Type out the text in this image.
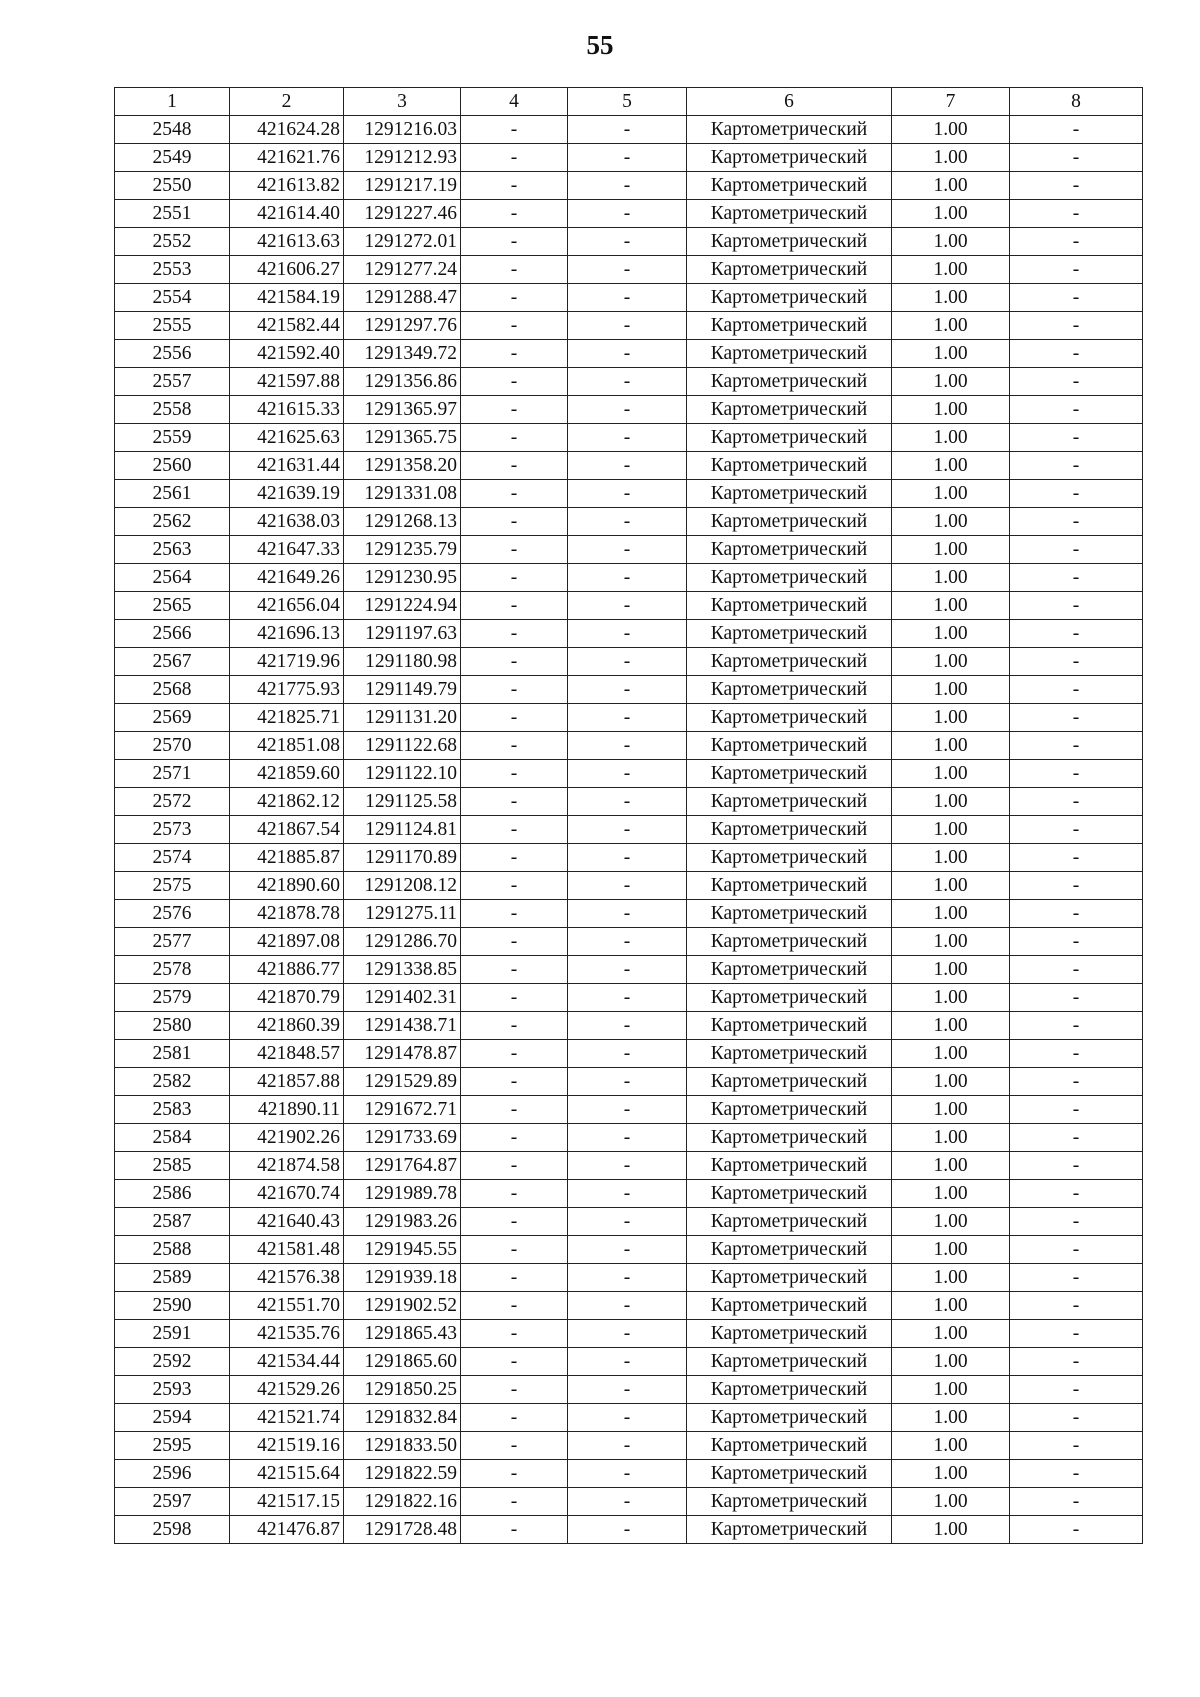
55
1	2	3	4	5	6	7	8
2548	421624.28	1291216.03	-	-	Картометрический	1.00	-
2549	421621.76	1291212.93	-	-	Картометрический	1.00	-
2550	421613.82	1291217.19	-	-	Картометрический	1.00	-
2551	421614.40	1291227.46	-	-	Картометрический	1.00	-
2552	421613.63	1291272.01	-	-	Картометрический	1.00	-
2553	421606.27	1291277.24	-	-	Картометрический	1.00	-
2554	421584.19	1291288.47	-	-	Картометрический	1.00	-
2555	421582.44	1291297.76	-	-	Картометрический	1.00	-
2556	421592.40	1291349.72	-	-	Картометрический	1.00	-
2557	421597.88	1291356.86	-	-	Картометрический	1.00	-
2558	421615.33	1291365.97	-	-	Картометрический	1.00	-
2559	421625.63	1291365.75	-	-	Картометрический	1.00	-
2560	421631.44	1291358.20	-	-	Картометрический	1.00	-
2561	421639.19	1291331.08	-	-	Картометрический	1.00	-
2562	421638.03	1291268.13	-	-	Картометрический	1.00	-
2563	421647.33	1291235.79	-	-	Картометрический	1.00	-
2564	421649.26	1291230.95	-	-	Картометрический	1.00	-
2565	421656.04	1291224.94	-	-	Картометрический	1.00	-
2566	421696.13	1291197.63	-	-	Картометрический	1.00	-
2567	421719.96	1291180.98	-	-	Картометрический	1.00	-
2568	421775.93	1291149.79	-	-	Картометрический	1.00	-
2569	421825.71	1291131.20	-	-	Картометрический	1.00	-
2570	421851.08	1291122.68	-	-	Картометрический	1.00	-
2571	421859.60	1291122.10	-	-	Картометрический	1.00	-
2572	421862.12	1291125.58	-	-	Картометрический	1.00	-
2573	421867.54	1291124.81	-	-	Картометрический	1.00	-
2574	421885.87	1291170.89	-	-	Картометрический	1.00	-
2575	421890.60	1291208.12	-	-	Картометрический	1.00	-
2576	421878.78	1291275.11	-	-	Картометрический	1.00	-
2577	421897.08	1291286.70	-	-	Картометрический	1.00	-
2578	421886.77	1291338.85	-	-	Картометрический	1.00	-
2579	421870.79	1291402.31	-	-	Картометрический	1.00	-
2580	421860.39	1291438.71	-	-	Картометрический	1.00	-
2581	421848.57	1291478.87	-	-	Картометрический	1.00	-
2582	421857.88	1291529.89	-	-	Картометрический	1.00	-
2583	421890.11	1291672.71	-	-	Картометрический	1.00	-
2584	421902.26	1291733.69	-	-	Картометрический	1.00	-
2585	421874.58	1291764.87	-	-	Картометрический	1.00	-
2586	421670.74	1291989.78	-	-	Картометрический	1.00	-
2587	421640.43	1291983.26	-	-	Картометрический	1.00	-
2588	421581.48	1291945.55	-	-	Картометрический	1.00	-
2589	421576.38	1291939.18	-	-	Картометрический	1.00	-
2590	421551.70	1291902.52	-	-	Картометрический	1.00	-
2591	421535.76	1291865.43	-	-	Картометрический	1.00	-
2592	421534.44	1291865.60	-	-	Картометрический	1.00	-
2593	421529.26	1291850.25	-	-	Картометрический	1.00	-
2594	421521.74	1291832.84	-	-	Картометрический	1.00	-
2595	421519.16	1291833.50	-	-	Картометрический	1.00	-
2596	421515.64	1291822.59	-	-	Картометрический	1.00	-
2597	421517.15	1291822.16	-	-	Картометрический	1.00	-
2598	421476.87	1291728.48	-	-	Картометрический	1.00	-
